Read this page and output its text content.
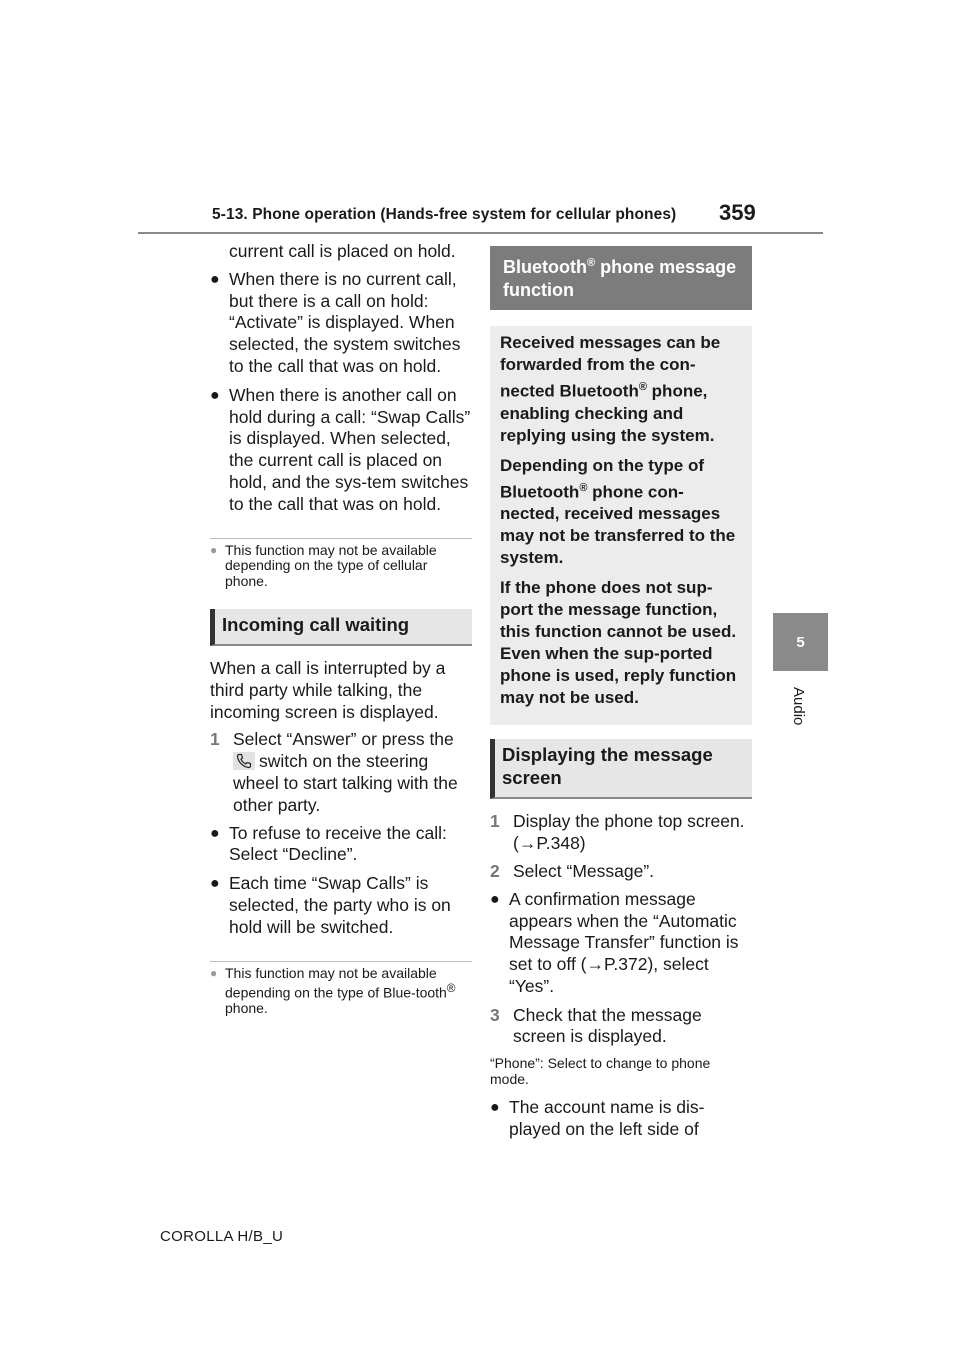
5-13. Phone operation (Hands-free system for cellular phones) 359
5
Audio
current call is placed on hold.
● When there is no current call, but there is a call on hold: “Activate” is displayed. When selected, the system switches to the call that was on hold.
● When there is another call on hold during a call: “Swap Calls” is displayed. When selected, the current call is placed on hold, and the sys-tem switches to the call that was on hold.
● This function may not be available depending on the type of cellular phone.
Incoming call waiting
When a call is interrupted by a third party while talking, the incoming screen is displayed.
1 Select “Answer” or press the

switch on the steering wheel to start talking with the other party.
● To refuse to receive the call: Select “Decline”.
● Each time “Swap Calls” is selected, the party who is on hold will be switched.
● This function may not be available depending on the type of Blue-tooth® phone.
Bluetooth® phone message function
Received messages can be forwarded from the con-nected Bluetooth® phone, enabling checking and replying using the system.
Depending on the type of Bluetooth® phone con-nected, received messages may not be transferred to the system.
If the phone does not sup-port the message function, this function cannot be used. Even when the sup-ported phone is used, reply function may not be used.
Displaying the message screen
1 Display the phone top screen. (→P.348)
2 Select “Message”.
● A confirmation message appears when the “Automatic Message Transfer” function is set to off (→P.372), select “Yes”.
3 Check that the message screen is displayed.
“Phone”: Select to change to phone mode.
● The account name is dis-played on the left side of
COROLLA H/B_U
